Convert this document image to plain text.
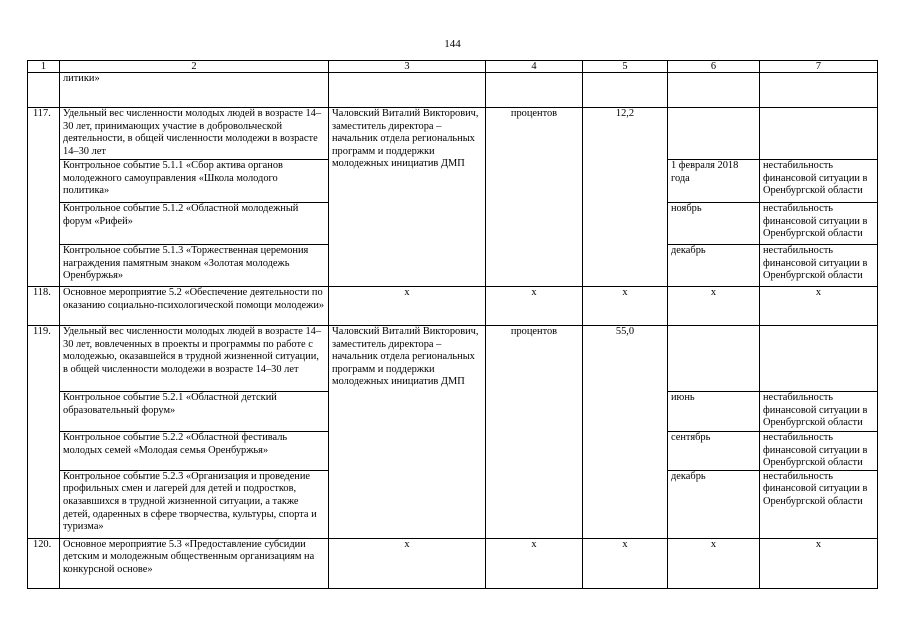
144
1	2	3	4	5	6	7
	литики»					
117.	Удельный вес численности молодых людей в возрасте 14–30 лет, принимающих участие в добровольческой деятельности, в общей численности молодежи в возрасте 14–30 лет	Чаловский Виталий Викторович, заместитель директора – начальник отдела региональных программ и поддержки молодежных инициатив ДМП	процентов	12,2		
	Контрольное событие 5.1.1 «Сбор актива органов молодежного самоуправления «Школа молодого политика»				1 февраля 2018 года	нестабильность финансовой ситуации в Оренбургской области
	Контрольное событие 5.1.2 «Областной молодежный форум «Рифей»				ноябрь	нестабильность финансовой ситуации в Оренбургской области
	Контрольное событие 5.1.3 «Торжественная церемония награждения памятным знаком «Золотая молодежь Оренбуржья»				декабрь	нестабильность финансовой ситуации в Оренбургской области
118.	Основное мероприятие 5.2 «Обеспечение деятельности по оказанию социально-психологической помощи молодежи»	х	х	х	х	х
119.	Удельный вес численности молодых людей в возрасте 14–30 лет, вовлеченных в проекты и программы по работе с молодежью, оказавшейся в трудной жизненной ситуации, в общей численности молодежи в возрасте 14–30 лет	Чаловский Виталий Викторович, заместитель директора – начальник отдела региональных программ и поддержки молодежных инициатив ДМП	процентов	55,0		
	Контрольное событие 5.2.1 «Областной детский образовательный форум»				июнь	нестабильность финансовой ситуации в Оренбургской области
	Контрольное событие 5.2.2 «Областной фестиваль молодых семей «Молодая семья Оренбуржья»				сентябрь	нестабильность финансовой ситуации в Оренбургской области
	Контрольное событие 5.2.3 «Организация и проведение профильных смен и лагерей для детей и подростков, оказавшихся в трудной жизненной ситуации, а также детей, одаренных в сфере творчества, культуры, спорта и туризма»				декабрь	нестабильность финансовой ситуации в Оренбургской области
120.	Основное мероприятие 5.3 «Предоставление субсидии детским и молодежным общественным организациям на конкурсной основе»	х	х	х	х	х
